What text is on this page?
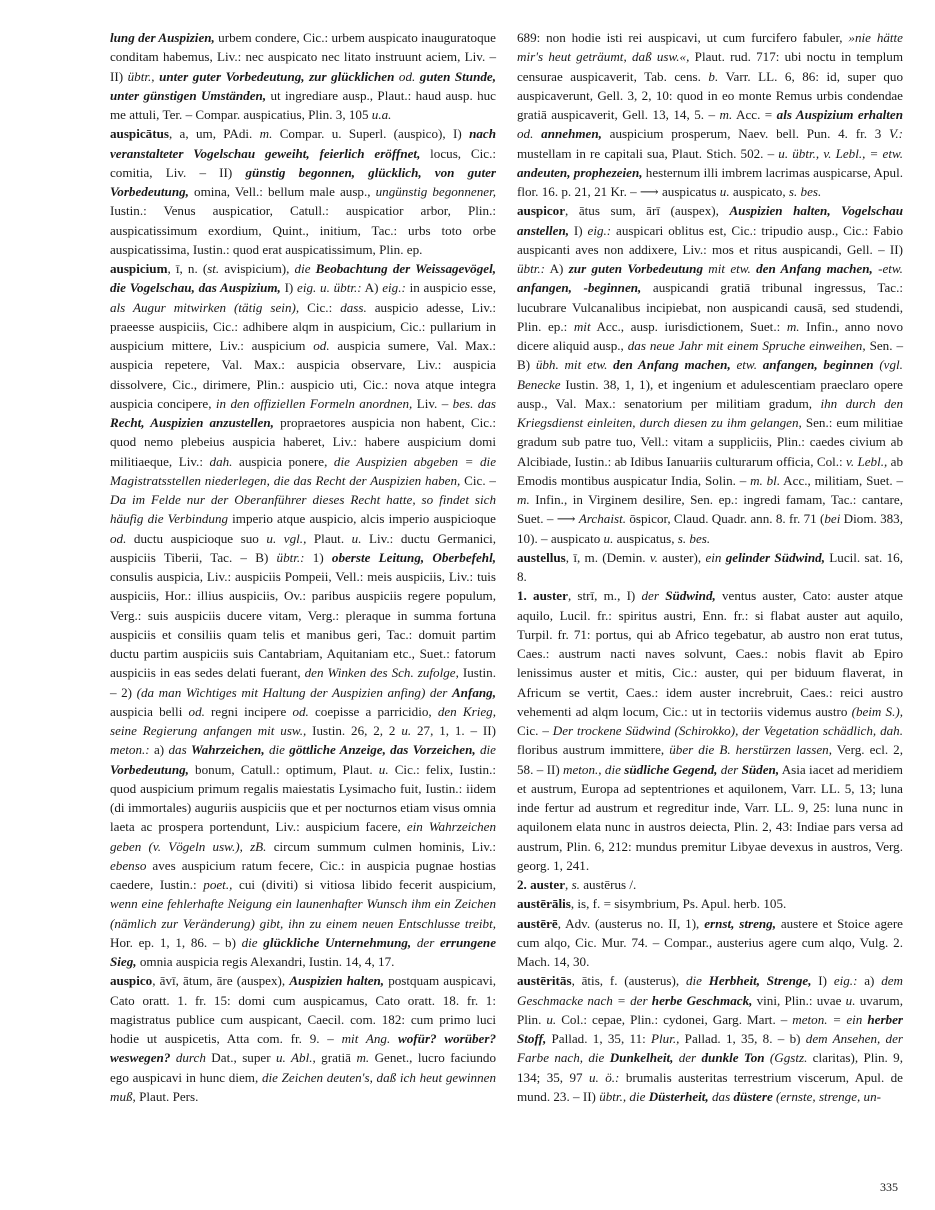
lung der Auspizien, urbem condere, Cic.: urbem auspicato inauguratoque conditam habemus, Liv.: nec auspicato nec litato instruunt aciem, Liv. – II) übtr., unter guter Vorbedeutung, zur glücklichen od. guten Stunde, unter günstigen Umständen, ut ingrediare ausp., Plaut.: haud ausp. huc me attuli, Ter. – Compar. auspicatius, Plin. 3, 105 u.a.

auspicātus, a, um, PAdi. m. Compar. u. Superl. (auspico), I) nach veranstalteter Vogelschau geweiht, feierlich eröffnet, locus, Cic.: comitia, Liv. – II) günstig begonnen, glücklich, von guter Vorbedeutung, omina, Vell.: bellum male ausp., ungünstig begonnener, Iustin.: Venus auspicatior, Catull.: auspicatior arbor, Plin.: auspicatissimum exordium, Quint., initium, Tac.: urbs toto orbe auspicatissima, Iustin.: quod erat auspicatissimum, Plin. ep.

auspicium, ī, n. (st. avispicium), die Beobachtung der Weissagevögel, die Vogelschau, das Auspizium, I) eig. u. übtr.: A) eig.: in auspicio esse, als Augur mitwirken (tätig sein), Cic.: dass. auspicio adesse, Liv.: praeesse auspiciis, Cic.: adhibere alqm in auspicium, Cic.: pullarium in auspicium mittere, Liv.: auspicium od. auspicia sumere, Val. Max.: auspicia repetere, Val. Max.: auspicia observare, Liv.: auspicia dissolvere, Cic., dirimere, Plin.: auspicio uti, Cic.: nova atque integra auspicia concipere, in den offiziellen Formeln anordnen, Liv. – bes. das Recht, Auspizien anzustellen, propraetores auspicia non habent, Cic.: quod nemo plebeius auspicia haberet, Liv.: habere auspicium domi militiaeque, Liv.: dah. auspicia ponere, die Auspizien abgeben = die Magistratsstellen niederlegen, die das Recht der Auspizien haben, Cic. – Da im Felde nur der Oberanführer dieses Recht hatte, so findet sich häufig die Verbindung imperio atque auspicio, alcis imperio auspicioque od. ductu auspicioque suo u. vgl., Plaut. u. Liv.: ductu Germanici, auspiciis Tiberii, Tac. – B) übtr.: 1) oberste Leitung, Oberbefehl, consulis auspicia, Liv.: auspiciis Pompeii, Vell.: meis auspiciis, Liv.: tuis auspiciis, Hor.: illius auspiciis, Ov.: paribus auspiciis regere populum, Verg.: suis auspiciis ducere vitam, Verg.: pleraque in summa fortuna auspiciis et consiliis quam telis et manibus geri, Tac.: domuit partim ductu partim auspiciis suis Cantabriam, Aquitaniam etc., Suet.: fatorum auspiciis in eas sedes delati fuerant, den Winken des Sch. zufolge, Iustin. – 2) (da man Wichtiges mit Haltung der Auspizien anfing) der Anfang, auspicia belli od. regni incipere od. coepisse a parricidio, den Krieg, seine Regierung anfangen mit usw., Iustin. 26, 2, 2 u. 27, 1, 1. – II) meton.: a) das Wahrzeichen, die göttliche Anzeige, das Vorzeichen, die Vorbedeutung, bonum, Catull.: optimum, Plaut. u. Cic.: felix, Iustin.: quod auspicium primum regalis maiestatis Lysimacho fuit, Iustin.: iidem (di immortales) auguriis auspiciis que et per nocturnos etiam visus omnia laeta ac prospera portendunt, Liv.: auspicium facere, ein Wahrzeichen geben (v. Vögeln usw.), zB. circum summum culmen hominis, Liv.: ebenso aves auspicium ratum fecere, Cic.: in auspicia pugnae hostias caedere, Iustin.: poet., cui (diviti) si vitiosa libido fecerit auspicium, wenn eine fehlerhafte Neigung ein launenhafter Wunsch ihm ein Zeichen (nämlich zur Veränderung) gibt, ihn zu einem neuen Entschlusse treibt, Hor. ep. 1, 1, 86. – b) die glückliche Unternehmung, der errungene Sieg, omnia auspicia regis Alexandri, Iustin. 14, 4, 17.

auspico, āvī, ātum, āre (auspex), Auspizien halten, postquam auspicavi, Cato oratt. 1. fr. 15: domi cum auspicamus, Cato oratt. 18. fr. 1: magistratus publice cum auspicant, Caecil. com. 182: cum primo luci hodie ut auspicetis, Atta com. fr. 9. – mit Ang. wofür? worüber? weswegen? durch Dat., super u. Abl., gratiā m. Genet., lucro faciundo ego auspicavi in hunc diem, die Zeichen deuten's, daß ich heut gewinnen muß, Plaut. Pers.

689: non hodie isti rei auspicavi, ut cum furcifero fabuler, »nie hätte mir's heut geträumt, daß usw.«, Plaut. rud. 717: ubi noctu in templum censurae auspicaverit, Tab. cens. b. Varr. LL. 6, 86: id, super quo auspicaverunt, Gell. 3, 2, 10: quod in eo monte Remus urbis condendae gratiā auspicaverit, Gell. 13, 14, 5. – m. Acc. = als Auspizium erhalten od. annehmen, auspicium prosperum, Naev. bell. Pun. 4. fr. 3 V.: mustellam in re capitali sua, Plaut. Stich. 502. – u. übtr., v. Lebl., = etw. andeuten, prophezeien, hesternum illi imbrem lacrimas auspicarse, Apul. flor. 16. p. 21, 21 Kr. – ⟶ auspicatus u. auspicato, s. bes.

auspicor, ātus sum, ārī (auspex), Auspizien halten, Vogelschau anstellen, I) eig.: auspicari oblitus est, Cic.: tripudio ausp., Cic.: Fabio auspicanti aves non addixere, Liv.: mos et ritus auspicandi, Gell. – II) übtr.: A) zur guten Vorbedeutung mit etw. den Anfang machen, -etw. anfangen, -beginnen, auspicandi gratiā tribunal ingressus, Tac.: lucubrare Vulcanalibus incipiebat, non auspicandi causā, sed studendi, Plin. ep.: mit Acc., ausp. iurisdictionem, Suet.: m. Infin., anno novo dicere aliquid ausp., das neue Jahr mit einem Spruche einweihen, Sen. – B) übh. mit etw. den Anfang machen, etw. anfangen, beginnen (vgl. Benecke Iustin. 38, 1, 1), et ingenium et adulescentiam praeclaro opere ausp., Val. Max.: senatorium per militiam gradum, ihn durch den Kriegsdienst einleiten, durch diesen zu ihm gelangen, Sen.: eum militiae gradum sub patre tuo, Vell.: vitam a suppliciis, Plin.: caedes civium ab Alcibiade, Iustin.: ab Idibus Ianuariis culturarum officia, Col.: v. Lebl., ab Emodis montibus auspicatur India, Solin. – m. bl. Acc., militiam, Suet. – m. Infin., in Virginem desilire, Sen. ep.: ingredi famam, Tac.: cantare, Suet. – ⟶ Archaist. ōspicor, Claud. Quadr. ann. 8. fr. 71 (bei Diom. 383, 10). – auspicato u. auspicatus, s. bes.

austellus, ī, m. (Demin. v. auster), ein gelinder Südwind, Lucil. sat. 16, 8.

1. auster, strī, m., I) der Südwind, ventus auster, Cato: auster atque aquilo, Lucil. fr.: spiritus austri, Enn. fr.: si flabat auster aut aquilo, Turpil. fr. 71: portus, qui ab Africo tegebatur, ab austro non erat tutus, Caes.: austrum nacti naves solvunt, Caes.: nobis flavit ab Epiro lenissimus auster et mitis, Cic.: auster, qui per biduum flaverat, in Africum se vertit, Caes.: idem auster increbruit, Caes.: reici austro vehementi ad alqm locum, Cic.: ut in tectoriis videmus austro (beim S.), Cic. – Der trockene Südwind (Schirokko), der Vegetation schädlich, dah. floribus austrum immittere, über die B. herstürzen lassen, Verg. ecl. 2, 58. – II) meton., die südliche Gegend, der Süden, Asia iacet ad meridiem et austrum, Europa ad septentriones et aquilonem, Varr. LL. 5, 13; luna inde fertur ad austrum et regreditur inde, Varr. LL. 9, 25: luna nunc in aquilonem elata nunc in austros deiecta, Plin. 2, 43: Indiae pars versa ad austrum, Plin. 6, 212: mundus premitur Libyae devexus in austros, Verg. georg. 1, 241.

2. auster, s. austērus /.

austērālis, is, f. = sisymbrium, Ps. Apul. herb. 105.

austērē, Adv. (austerus no. II, 1), ernst, streng, austere et Stoice agere cum alqo, Cic. Mur. 74. – Compar., austerius agere cum alqo, Vulg. 2. Mach. 14, 30.

austēritās, ātis, f. (austerus), die Herbheit, Strenge, I) eig.: a) dem Geschmacke nach = der herbe Geschmack, vini, Plin.: uvae u. uvarum, Plin. u. Col.: cepae, Plin.: cydonei, Garg. Mart. – meton. = ein herber Stoff, Pallad. 1, 35, 11: Plur., Pallad. 1, 35, 8. – b) dem Ansehen, der Farbe nach, die Dunkelheit, der dunkle Ton (Ggstz. claritas), Plin. 9, 134; 35, 97 u. ö.: brumalis austeritas terrestrium viscerum, Apul. de mund. 23. – II) übtr., die Düsterheit, das düstere (ernste, strenge, un-

335
